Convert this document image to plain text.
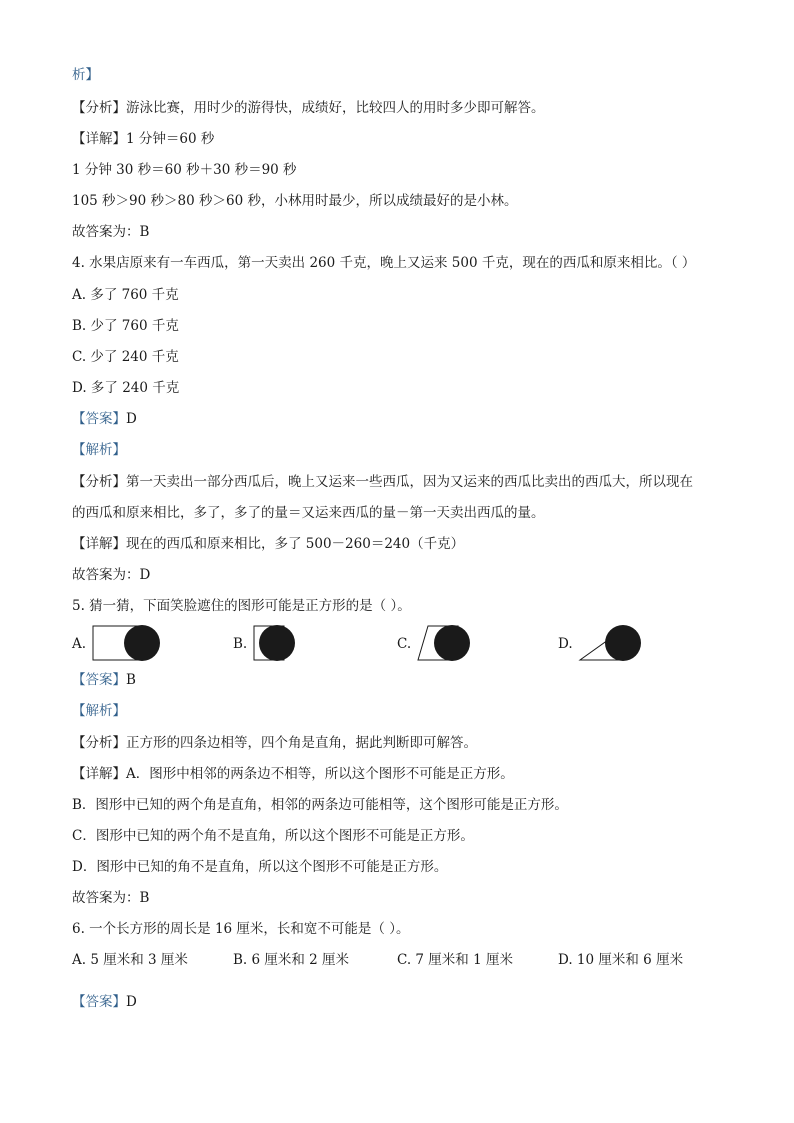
析】
【分析】游泳比赛，用时少的游得快，成绩好，比较四人的用时多少即可解答。
【详解】1 分钟＝60 秒
1 分钟 30 秒＝60 秒＋30 秒＝90 秒
105 秒＞90 秒＞80 秒＞60 秒，小林用时最少，所以成绩最好的是小林。
故答案为：B
4. 水果店原来有一车西瓜，第一天卖出 260 千克，晚上又运来 500 千克，现在的西瓜和原来相比。（ ）
A. 多了 760 千克
B. 少了 760 千克
C. 少了 240 千克
D. 多了 240 千克
【答案】D
【解析】
【分析】第一天卖出一部分西瓜后，晚上又运来一些西瓜，因为又运来的西瓜比卖出的西瓜大，所以现在
的西瓜和原来相比，多了，多了的量＝又运来西瓜的量－第一天卖出西瓜的量。
【详解】现在的西瓜和原来相比，多了 500－260＝240（千克）
故答案为：D
5. 猜一猜，下面笑脸遮住的图形可能是正方形的是（ ）。
A.	B.	C.	D.
【答案】B
【解析】
【分析】正方形的四条边相等，四个角是直角，据此判断即可解答。
【详解】A．图形中相邻的两条边不相等，所以这个图形不可能是正方形。
B．图形中已知的两个角是直角，相邻的两条边可能相等，这个图形可能是正方形。
C．图形中已知的两个角不是直角，所以这个图形不可能是正方形。
D．图形中已知的角不是直角，所以这个图形不可能是正方形。
故答案为：B
6. 一个长方形的周长是 16 厘米，长和宽不可能是（ ）。
A. 5 厘米和 3 厘米	B. 6 厘米和 2 厘米	C. 7 厘米和 1 厘米	D. 10 厘米和 6 厘米
【答案】D
